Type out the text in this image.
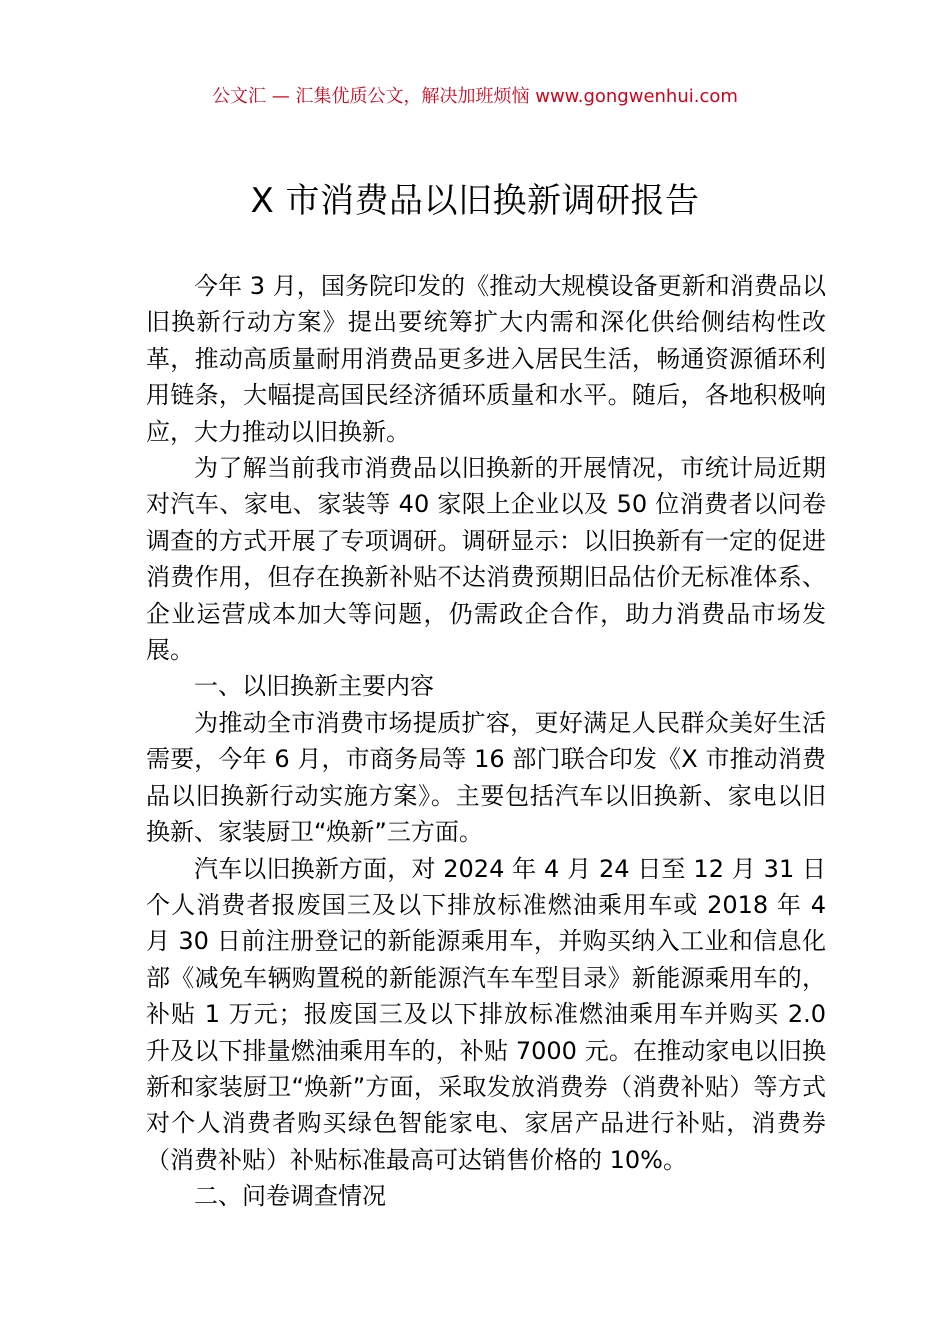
公文汇 — 汇集优质公文，解决加班烦恼 www.gongwenhui.com
X 市消费品以旧换新调研报告

今年 3 月，国务院印发的《推动大规模设备更新和消费品以旧换新行动方案》提出要统筹扩大内需和深化供给侧结构性改革，推动高质量耐用消费品更多进入居民生活，畅通资源循环利用链条，大幅提高国民经济循环质量和水平。随后，各地积极响应，大力推动以旧换新。

为了解当前我市消费品以旧换新的开展情况，市统计局近期对汽车、家电、家装等 40 家限上企业以及 50 位消费者以问卷调查的方式开展了专项调研。调研显示：以旧换新有一定的促进消费作用，但存在换新补贴不达消费预期旧品估价无标准体系、企业运营成本加大等问题，仍需政企合作，助力消费品市场发展。

一、以旧换新主要内容

为推动全市消费市场提质扩容，更好满足人民群众美好生活需要，今年 6 月，市商务局等 16 部门联合印发《X 市推动消费品以旧换新行动实施方案》。主要包括汽车以旧换新、家电以旧换新、家装厨卫“焕新”三方面。

汽车以旧换新方面，对 2024 年 4 月 24 日至 12 月 31 日个人消费者报废国三及以下排放标准燃油乘用车或 2018 年 4 月 30 日前注册登记的新能源乘用车，并购买纳入工业和信息化部《减免车辆购置税的新能源汽车车型目录》新能源乘用车的，补贴 1 万元；报废国三及以下排放标准燃油乘用车并购买 2.0 升及以下排量燃油乘用车的，补贴 7000 元。在推动家电以旧换新和家装厨卫“焕新”方面，采取发放消费券（消费补贴）等方式对个人消费者购买绿色智能家电、家居产品进行补贴，消费券（消费补贴）补贴标准最高可达销售价格的 10%。

二、问卷调查情况
